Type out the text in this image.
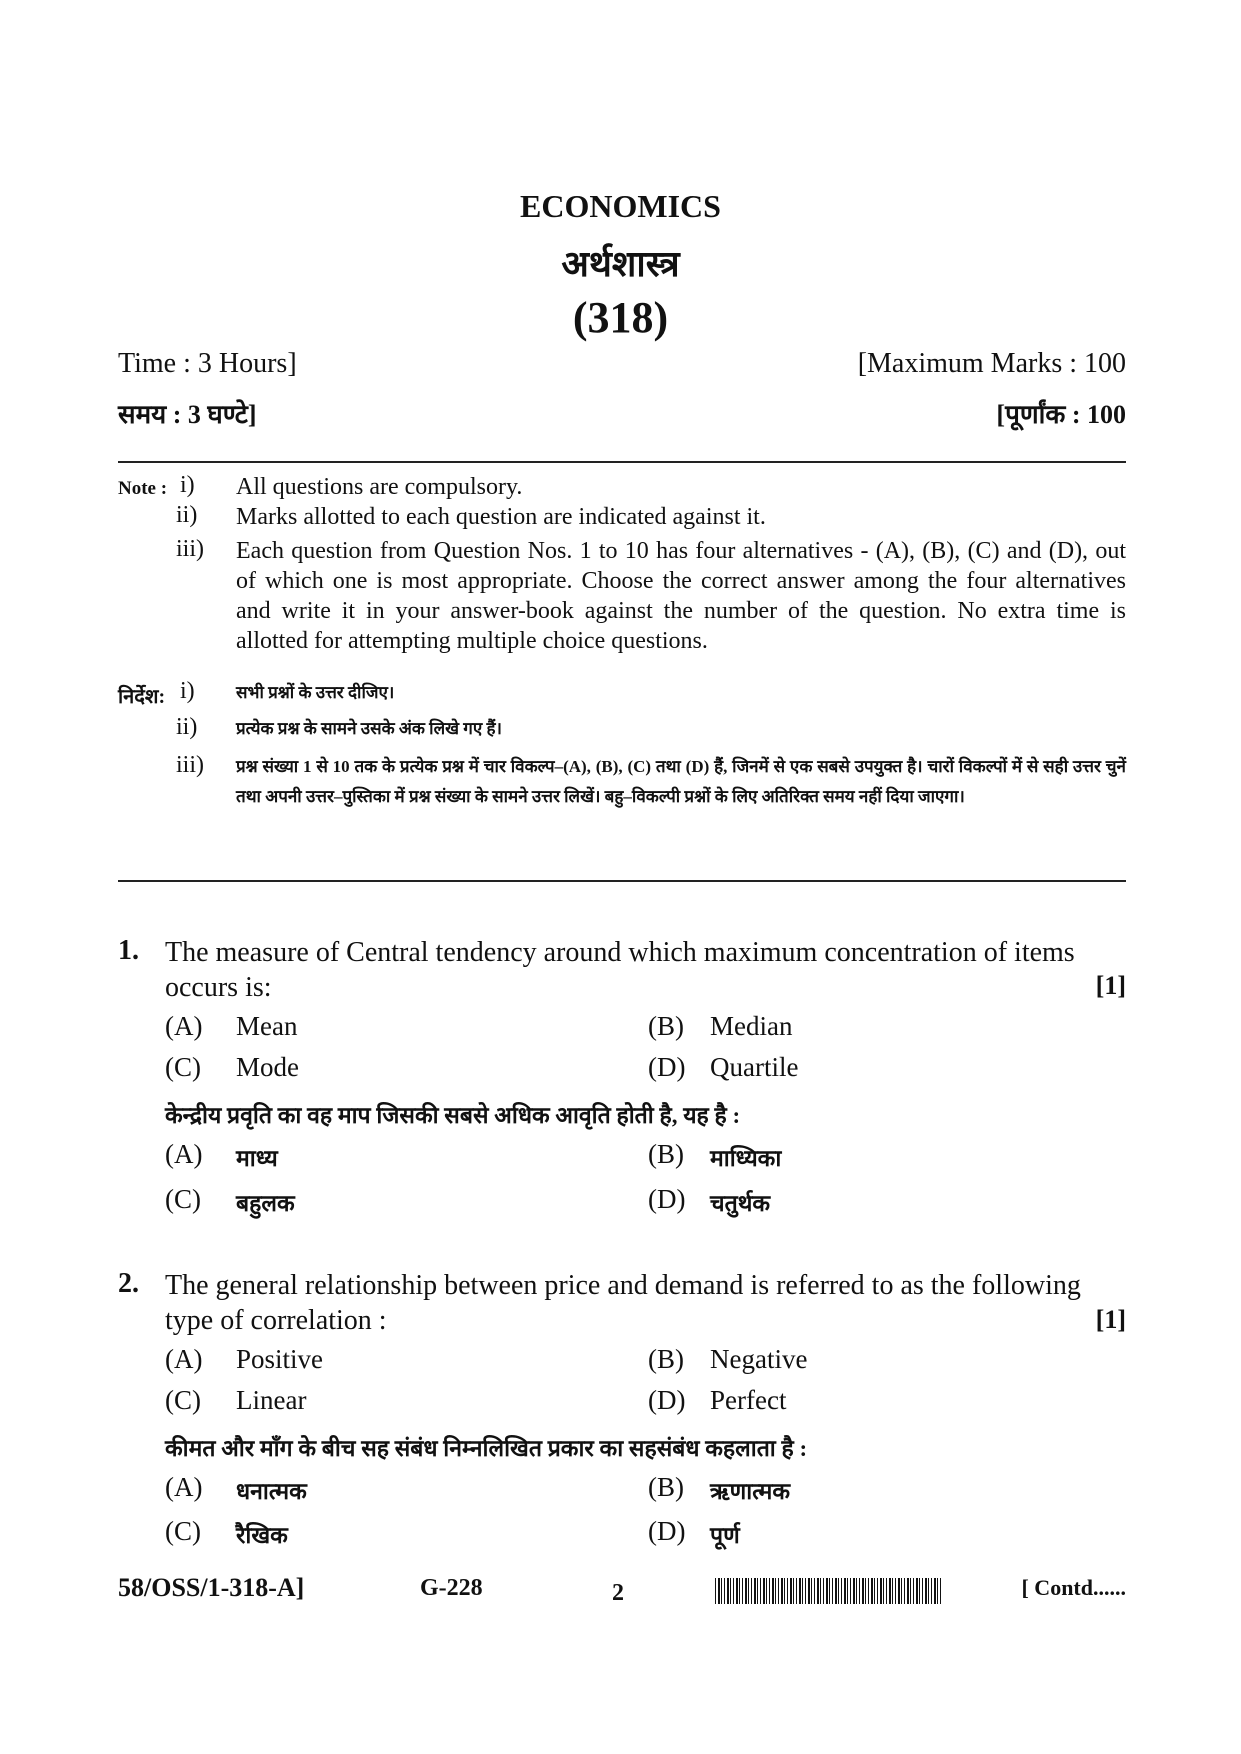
ECONOMICS
अर्थशास्त्र
(318)
Time : 3 Hours]	[Maximum Marks : 100
समय : 3 घण्टे]	[पूर्णांक : 100
Note : i) All questions are compulsory.
ii) Marks allotted to each question are indicated against it.
iii) Each question from Question Nos. 1 to 10 has four alternatives - (A), (B), (C) and (D), out of which one is most appropriate. Choose the correct answer among the four alternatives and write it in your answer-book against the number of the question. No extra time is allotted for attempting multiple choice questions.
निर्देश: i) सभी प्रश्नों के उत्तर दीजिए।
ii) प्रत्येक प्रश्न के सामने उसके अंक लिखे गए हैं।
iii) प्रश्न संख्या 1 से 10 तक के प्रत्येक प्रश्न में चार विकल्प–(A), (B), (C) तथा (D) हैं, जिनमें से एक सबसे उपयुक्त है। चारों विकल्पों में से सही उत्तर चुनें तथा अपनी उत्तर–पुस्तिका में प्रश्न संख्या के सामने उत्तर लिखें। बहु–विकल्पी प्रश्नों के लिए अतिरिक्त समय नहीं दिया जाएगा।
1. The measure of Central tendency around which maximum concentration of items occurs is:	[1]
(A) Mean	(B) Median
(C) Mode	(D) Quartile
केन्द्रीय प्रवृति का वह माप जिसकी सबसे अधिक आवृति होती है, यह है :
(A) माध्य	(B) माध्यिका
(C) बहुलक	(D) चतुर्थक
2. The general relationship between price and demand is referred to as the following type of correlation :	[1]
(A) Positive	(B) Negative
(C) Linear	(D) Perfect
कीमत और माँग के बीच सह संबंध निम्नलिखित प्रकार का सहसंबंध कहलाता है :
(A) धनात्मक	(B) ऋणात्मक
(C) रैखिक	(D) पूर्ण
58/OSS/1-318-A]	G-228	2	[ Contd......
